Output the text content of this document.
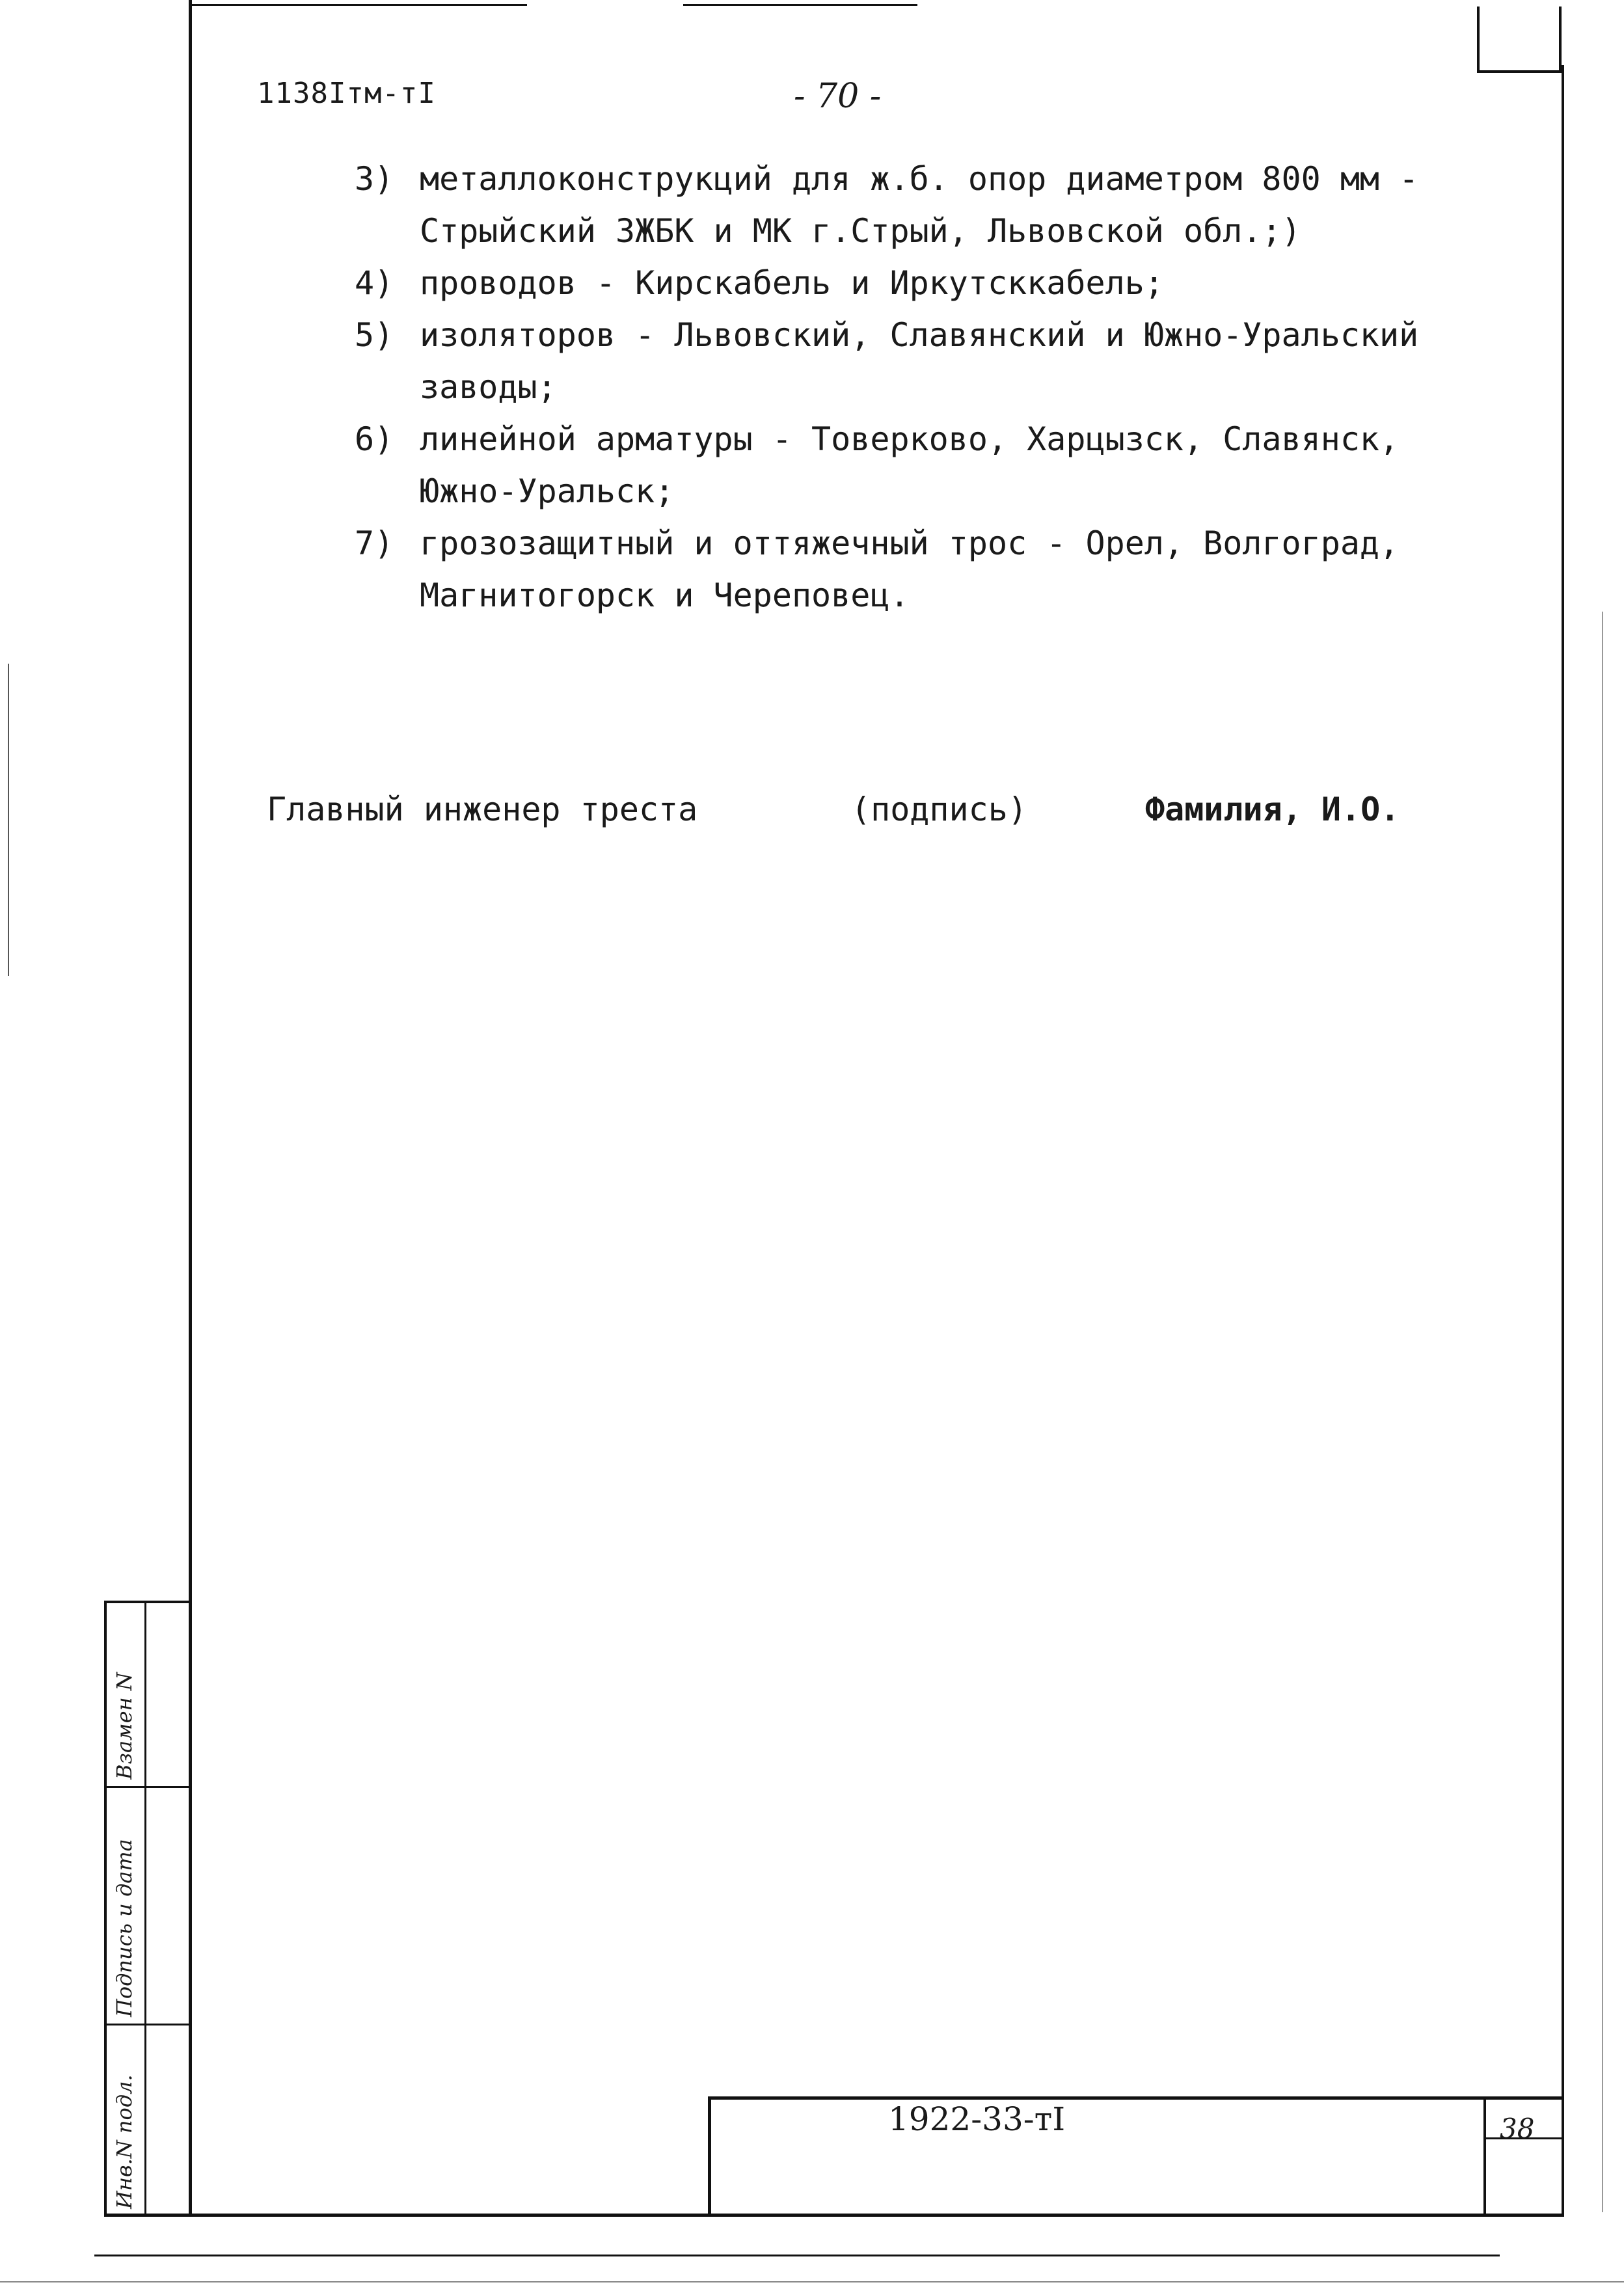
1138Iтм-тI	- 70 -
3) металлоконструкций для ж.б. опор диаметром 800 мм -
Стрыйский ЗЖБК и МК г.Стрый, Львовской обл.;)
4) проводов - Кирскабель и Иркутсккабель;
5) изоляторов - Львовский, Славянский и Южно-Уральский
заводы;
6) линейной арматуры - Товерково, Харцызск, Славянск,
Южно-Уральск;
7) грозозащитный и оттяжечный трос - Орел, Волгоград,
Магнитогорск и Череповец.
Главный инженер треста	(подпись)	Фамилия, И.О.
Инв.N подл.
Подпись и дата
Взамен N
1922-33-тI	38
